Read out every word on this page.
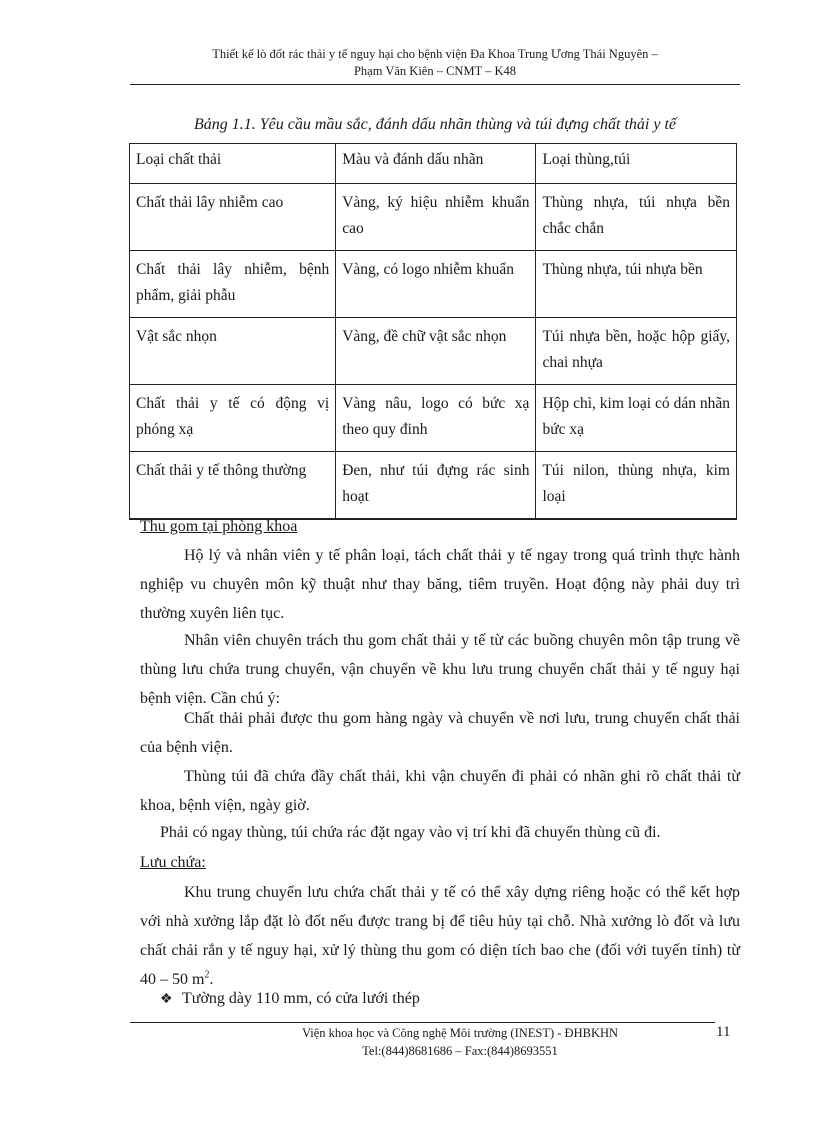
Thiết kế lò đốt rác thải y tế nguy hại cho bệnh viện Đa Khoa Trung Ương Thái Nguyên –
Phạm Văn Kiên – CNMT – K48
Bảng 1.1. Yêu cầu mầu sắc, đánh dấu nhãn thùng và túi đựng chất thải y tế
Loại chất thải	Màu và đánh dấu nhãn	Loại thùng,túi
Chất thải lây nhiễm cao	Vàng, ký hiệu nhiễm khuẩn cao	Thùng nhựa, túi nhựa bền chắc chắn
Chất thải lây nhiễm, bệnh phẩm, giải phẫu	Vàng, có logo nhiễm khuẩn	Thùng nhựa, túi nhựa bền
Vật sắc nhọn	Vàng, đề chữ vật sắc nhọn	Túi nhựa bền, hoặc hộp giấy, chai nhựa
Chất thải y tế có động vị phóng xạ	Vàng nâu, logo có bức xạ theo quy đinh	Hộp chì, kim loại có dán nhãn bức xạ
Chất thải y tế thông thường	Đen, như túi đựng rác sinh hoạt	Túi nilon, thùng nhựa, kim loại

Thu gom tại phòng khoa

Hộ lý và nhân viên y tế phân loại, tách chất thải y tế ngay trong quá trình thực hành nghiệp vu chuyên môn kỹ thuật như thay băng, tiêm truyền. Hoạt động này phải duy trì thường xuyên liên tục.

Nhân viên chuyên trách thu gom chất thải y tế từ các buồng chuyên môn tập trung về thùng lưu chứa trung chuyển, vận chuyển về khu lưu trung chuyển chất thải y tế nguy hại bệnh viện. Cần chú ý:

Chất thải phải được thu gom hàng ngày và chuyển về nơi lưu, trung chuyển chất thải của bệnh viện.

Thùng túi đã chứa đầy chất thải, khi vận chuyển đi phải có nhãn ghi rõ chất thải từ khoa, bệnh viện, ngày giờ.

Phải có ngay thùng, túi chứa rác đặt ngay vào vị trí khi đã chuyển thùng cũ đi.

Lưu chứa:

Khu trung chuyển lưu chứa chất thải y tế có thể xây dựng riêng hoặc có thể kết hợp với nhà xưởng lắp đặt lò đốt nếu được trang bị để tiêu hủy tại chỗ. Nhà xưởng lò đốt và lưu chất chải rắn y tế nguy hại, xử lý thùng thu gom có diện tích bao che (đối với tuyến tỉnh) từ 40 – 50 $m^2$.

❖ Tường dày 110 mm, có cửa lưới thép
Viện khoa học và Công nghệ Môi trường (INEST) - ĐHBKHN
Tel:(844)8681686 – Fax:(844)8693551
11
